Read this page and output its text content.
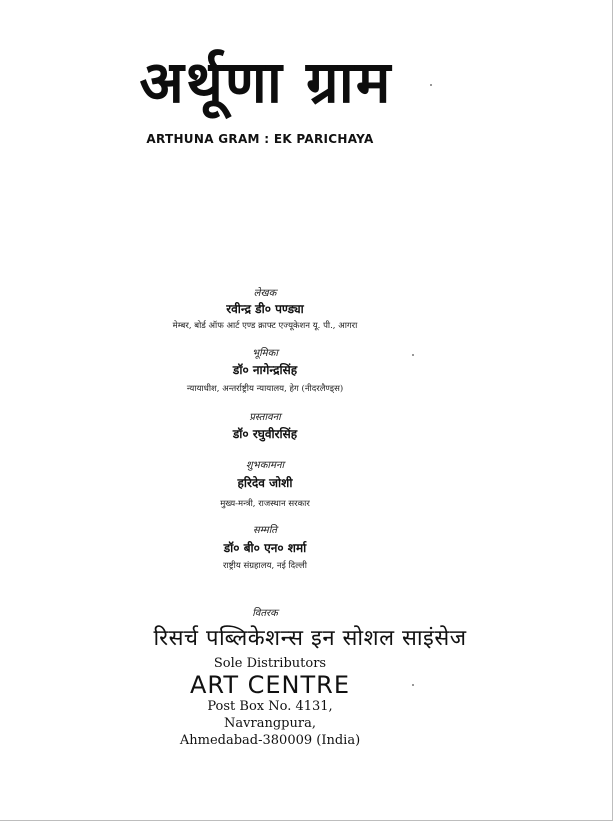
अर्थूणा ग्राम
ARTHUNA GRAM : EK PARICHAYA
लेखक
रवीन्द्र डी० पण्ड्या
मेम्बर, बोर्ड ऑफ आर्ट एण्ड क्राफ्ट एज्यूकेशन यू. पी., आगरा
भूमिका
डॉ० नागेन्द्रसिंह
न्यायाधीश, अन्तर्राष्ट्रीय न्यायालय, हेग (नीदरलैण्ड्स)
प्रस्तावना
डॉ० रघुवीरसिंह
शुभकामना
हरिदेव जोशी
मुख्य-मन्त्री, राजस्थान सरकार
सम्मति
डॉ० बी० एन० शर्मा
राष्ट्रीय संग्रहालय, नई दिल्ली
वितरक
रिसर्च पब्लिकेशन्स इन सोशल साइंसेज
Sole Distributors
ART CENTRE
Post Box No. 4131,
Navrangpura,
Ahmedabad-380009 (India)
